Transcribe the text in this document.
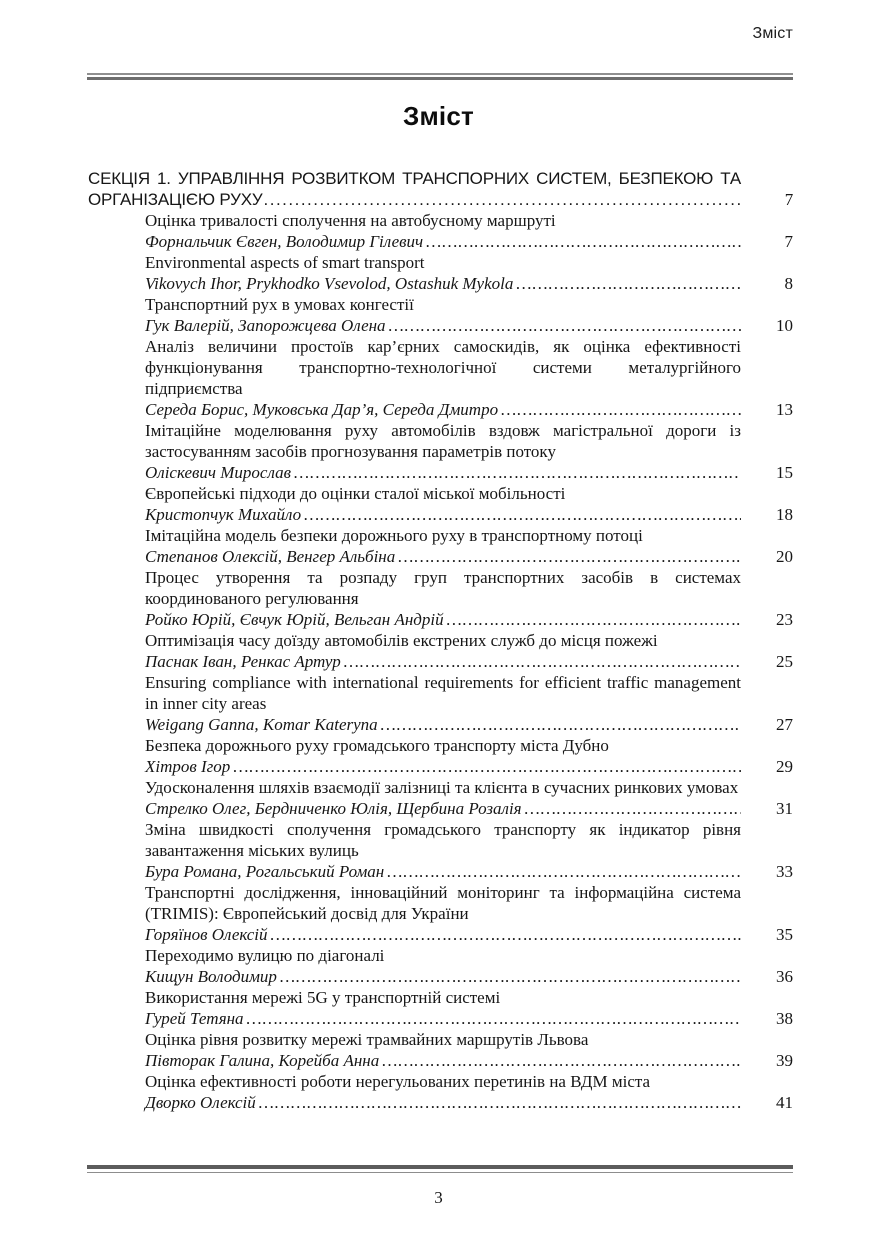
Зміст
Зміст
СЕКЦІЯ 1. УПРАВЛІННЯ РОЗВИТКОМ ТРАНСПОРНИХ СИСТЕМ, БЕЗПЕКОЮ ТА
ОРГАНІЗАЦІЄЮ РУХУ .....	7
Оцінка тривалості сполучення на автобусному маршруті
Форнальчик Євген, Володимир Гілевич …………………………………………………………………………………………………………	7
Environmental aspects of smart transport
Vikovych Ihor, Prykhodko Vsevolod, Ostashuk Mykola …………………………………………………………………………………………………………	8
Транспортний рух в умовах конгестії
Гук Валерій, Запорожцева Олена …………………………………………………………………………………………………………	10
Аналіз величини простоїв кар’єрних самоскидів, як оцінка ефективності функціонування транспортно-технологічної системи металургійного підприємства
Середа Борис, Муковська Дар’я, Середа Дмитро …………………………………………………………………………………………………………	13
Імітаційне моделювання руху автомобілів вздовж магістральної дороги із застосуванням засобів прогнозування параметрів потоку
Оліскевич Мирослав …………………………………………………………………………………………………………	15
Європейські підходи до оцінки сталої міської мобільності
Кристопчук Михайло …………………………………………………………………………………………………………	18
Імітаційна модель безпеки дорожнього руху в транспортному потоці
Степанов Олексій, Венгер Альбіна …………………………………………………………………………………………………………	20
Процес утворення та розпаду груп транспортних засобів в системах координованого регулювання
Ройко Юрій, Євчук Юрій, Вельган Андрій …………………………………………………………………………………………………………	23
Оптимізація часу доїзду автомобілів екстрених служб до місця пожежі
Паснак Іван, Ренкас Артур …………………………………………………………………………………………………………	25
Ensuring compliance with international requirements for efficient traffic management in inner city areas
Weigang Ganna, Komar Kateryna …………………………………………………………………………………………………………	27
Безпека дорожнього руху громадського транспорту міста Дубно
Хітров Ігор …………………………………………………………………………………………………………	29
Удосконалення шляхів взаємодії залізниці та клієнта в сучасних ринкових умовах
Стрелко Олег, Бердниченко Юлія, Щербина Розалія …………………………………………………………………………………………………………	31
Зміна швидкості сполучення громадського транспорту як індикатор рівня завантаження міських вулиць
Бура Романа, Рогальський Роман …………………………………………………………………………………………………………	33
Транспортні дослідження, інноваційний моніторинг та інформаційна система (TRIMIS): Європейський досвід для України
Горяїнов Олексій …………………………………………………………………………………………………………	35
Переходимо вулицю по діагоналі
Кищун Володимир …………………………………………………………………………………………………………	36
Використання мережі 5G у транспортній системі
Гурей Тетяна …………………………………………………………………………………………………………	38
Оцінка рівня розвитку мережі трамвайних маршрутів Львова
Півторак Галина, Корейба Анна …………………………………………………………………………………………………………	39
Оцінка ефективності роботи нерегульованих перетинів на ВДМ міста
Дворко Олексій …………………………………………………………………………………………………………	41
3
